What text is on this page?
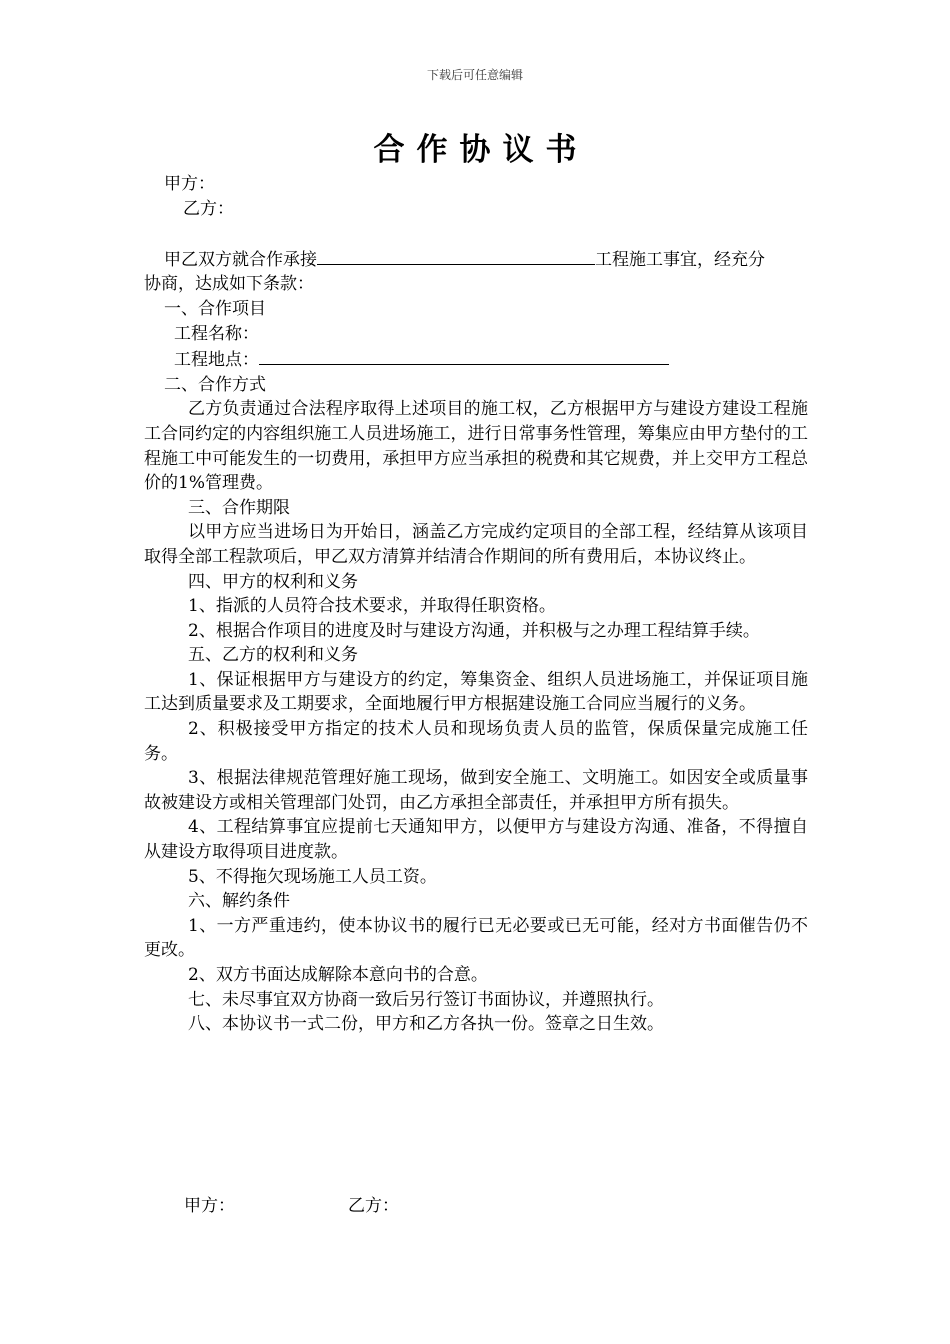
下载后可任意编辑
合作协议书
甲方：
乙方：
甲乙双方就合作承接	工程施工事宜，经充分
协商，达成如下条款：
一、合作项目
工程名称：
工程地点：
二、合作方式
乙方负责通过合法程序取得上述项目的施工权，乙方根据甲方与建设方建设工程施工合同约定的内容组织施工人员进场施工，进行日常事务性管理，筹集应由甲方垫付的工程施工中可能发生的一切费用，承担甲方应当承担的税费和其它规费，并上交甲方工程总价的1%管理费。
三、合作期限
以甲方应当进场日为开始日，涵盖乙方完成约定项目的全部工程，经结算从该项目取得全部工程款项后，甲乙双方清算并结清合作期间的所有费用后，本协议终止。
四、甲方的权利和义务
1、指派的人员符合技术要求，并取得任职资格。
2、根据合作项目的进度及时与建设方沟通，并积极与之办理工程结算手续。
五、乙方的权利和义务
1、保证根据甲方与建设方的约定，筹集资金、组织人员进场施工，并保证项目施工达到质量要求及工期要求，全面地履行甲方根据建设施工合同应当履行的义务。
2、积极接受甲方指定的技术人员和现场负责人员的监管，保质保量完成施工任务。
3、根据法律规范管理好施工现场，做到安全施工、文明施工。如因安全或质量事故被建设方或相关管理部门处罚，由乙方承担全部责任，并承担甲方所有损失。
4、工程结算事宜应提前七天通知甲方，以便甲方与建设方沟通、准备，不得擅自从建设方取得项目进度款。
5、不得拖欠现场施工人员工资。
六、解约条件
1、一方严重违约，使本协议书的履行已无必要或已无可能，经对方书面催告仍不更改。
2、双方书面达成解除本意向书的合意。
七、未尽事宜双方协商一致后另行签订书面协议，并遵照执行。
八、本协议书一式二份，甲方和乙方各执一份。签章之日生效。
甲方：	乙方：
